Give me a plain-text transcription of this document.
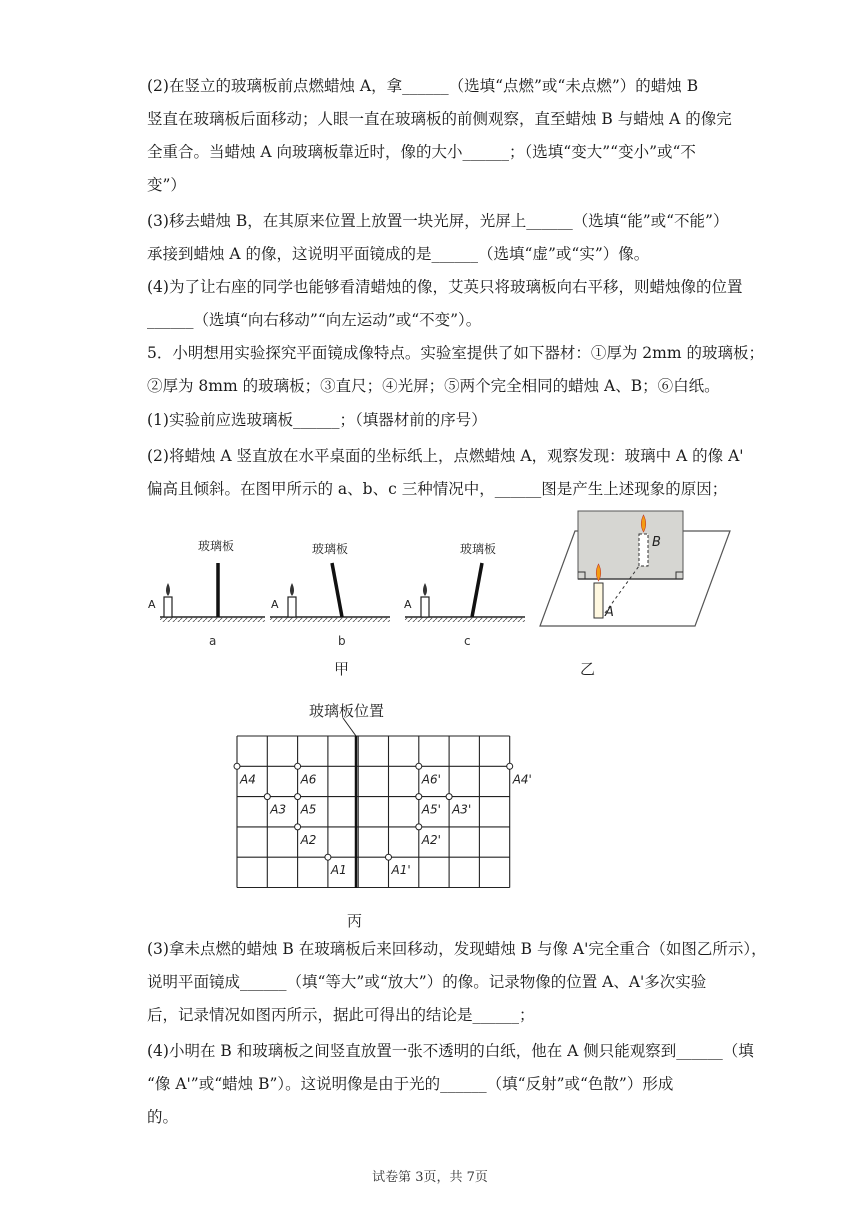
(2)在竖立的玻璃板前点燃蜡烛 A，拿______（选填“点燃”或“未点燃”）的蜡烛 B
竖直在玻璃板后面移动；人眼一直在玻璃板的前侧观察，直至蜡烛 B 与蜡烛 A 的像完
全重合。当蜡烛 A 向玻璃板靠近时，像的大小______；（选填“变大”“变小”或“不
变”）
(3)移去蜡烛 B，在其原来位置上放置一块光屏，光屏上______（选填“能”或“不能”）
承接到蜡烛 A 的像，这说明平面镜成的是______（选填“虚”或“实”）像。
(4)为了让右座的同学也能够看清蜡烛的像，艾英只将玻璃板向右平移，则蜡烛像的位置
______（选填“向右移动”“向左运动”或“不变”）。
5．小明想用实验探究平面镜成像特点。实验室提供了如下器材：①厚为 2mm 的玻璃板；
②厚为 8mm 的玻璃板；③直尺；④光屏；⑤两个完全相同的蜡烛 A、B；⑥白纸。
(1)实验前应选玻璃板______；（填器材前的序号）
(2)将蜡烛 A 竖直放在水平桌面的坐标纸上，点燃蜡烛 A，观察发现：玻璃中 A 的像 A'
偏高且倾斜。在图甲所示的 a、b、c 三种情况中，______图是产生上述现象的原因；
A
玻璃板
A
玻璃板
A
玻璃板
a	b	c
甲
B
A
乙
玻璃板位置
A1
A2
A3
A4
A5
A6
A1'
A2'
A3'
A4'
A5'
A6'
丙
(3)拿未点燃的蜡烛 B 在玻璃板后来回移动，发现蜡烛 B 与像 A'完全重合（如图乙所示），
说明平面镜成______（填“等大”或“放大”）的像。记录物像的位置 A、A'多次实验
后，记录情况如图丙所示，据此可得出的结论是______；
(4)小明在 B 和玻璃板之间竖直放置一张不透明的白纸，他在 A 侧只能观察到______（填
“像 A'”或“蜡烛 B”）。这说明像是由于光的______（填“反射”或“色散”）形成
的。
试卷第 3页，共 7页
